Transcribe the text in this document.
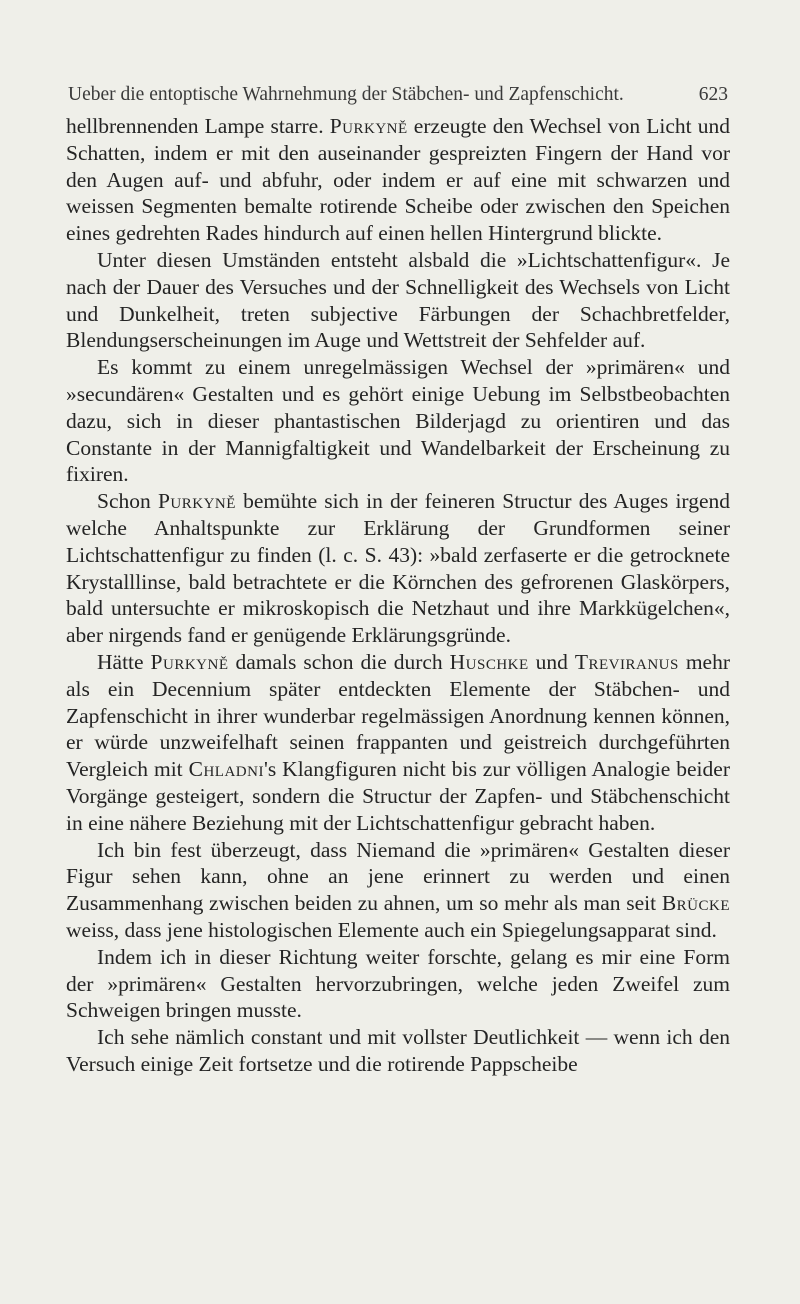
Ueber die entoptische Wahrnehmung der Stäbchen- und Zapfenschicht.	623

hellbrennenden Lampe starre. Purkyně erzeugte den Wechsel von Licht und Schatten, indem er mit den auseinander gespreizten Fingern der Hand vor den Augen auf- und abfuhr, oder indem er auf eine mit schwarzen und weissen Segmenten bemalte rotirende Scheibe oder zwischen den Speichen eines gedrehten Rades hindurch auf einen hellen Hintergrund blickte.

Unter diesen Umständen entsteht alsbald die »Lichtschattenfigur«. Je nach der Dauer des Versuches und der Schnelligkeit des Wechsels von Licht und Dunkelheit, treten subjective Färbungen der Schachbretfelder, Blendungserscheinungen im Auge und Wettstreit der Sehfelder auf.

Es kommt zu einem unregelmässigen Wechsel der »primären« und »secundären« Gestalten und es gehört einige Uebung im Selbstbeobachten dazu, sich in dieser phantastischen Bilderjagd zu orientiren und das Constante in der Mannigfaltigkeit und Wandelbarkeit der Erscheinung zu fixiren.

Schon Purkyně bemühte sich in der feineren Structur des Auges irgend welche Anhaltspunkte zur Erklärung der Grundformen seiner Lichtschattenfigur zu finden (l. c. S. 43): »bald zerfaserte er die getrocknete Krystalllinse, bald betrachtete er die Körnchen des gefrorenen Glaskörpers, bald untersuchte er mikroskopisch die Netzhaut und ihre Markkügelchen«, aber nirgends fand er genügende Erklärungsgründe.

Hätte Purkyně damals schon die durch Huschke und Treviranus mehr als ein Decennium später entdeckten Elemente der Stäbchen- und Zapfenschicht in ihrer wunderbar regelmässigen Anordnung kennen können, er würde unzweifelhaft seinen frappanten und geistreich durchgeführten Vergleich mit Chladni's Klangfiguren nicht bis zur völligen Analogie beider Vorgänge gesteigert, sondern die Structur der Zapfen- und Stäbchenschicht in eine nähere Beziehung mit der Lichtschattenfigur gebracht haben.

Ich bin fest überzeugt, dass Niemand die »primären« Gestalten dieser Figur sehen kann, ohne an jene erinnert zu werden und einen Zusammenhang zwischen beiden zu ahnen, um so mehr als man seit Brücke weiss, dass jene histologischen Elemente auch ein Spiegelungsapparat sind.

Indem ich in dieser Richtung weiter forschte, gelang es mir eine Form der »primären« Gestalten hervorzubringen, welche jeden Zweifel zum Schweigen bringen musste.

Ich sehe nämlich constant und mit vollster Deutlichkeit — wenn ich den Versuch einige Zeit fortsetze und die rotirende Pappscheibe
